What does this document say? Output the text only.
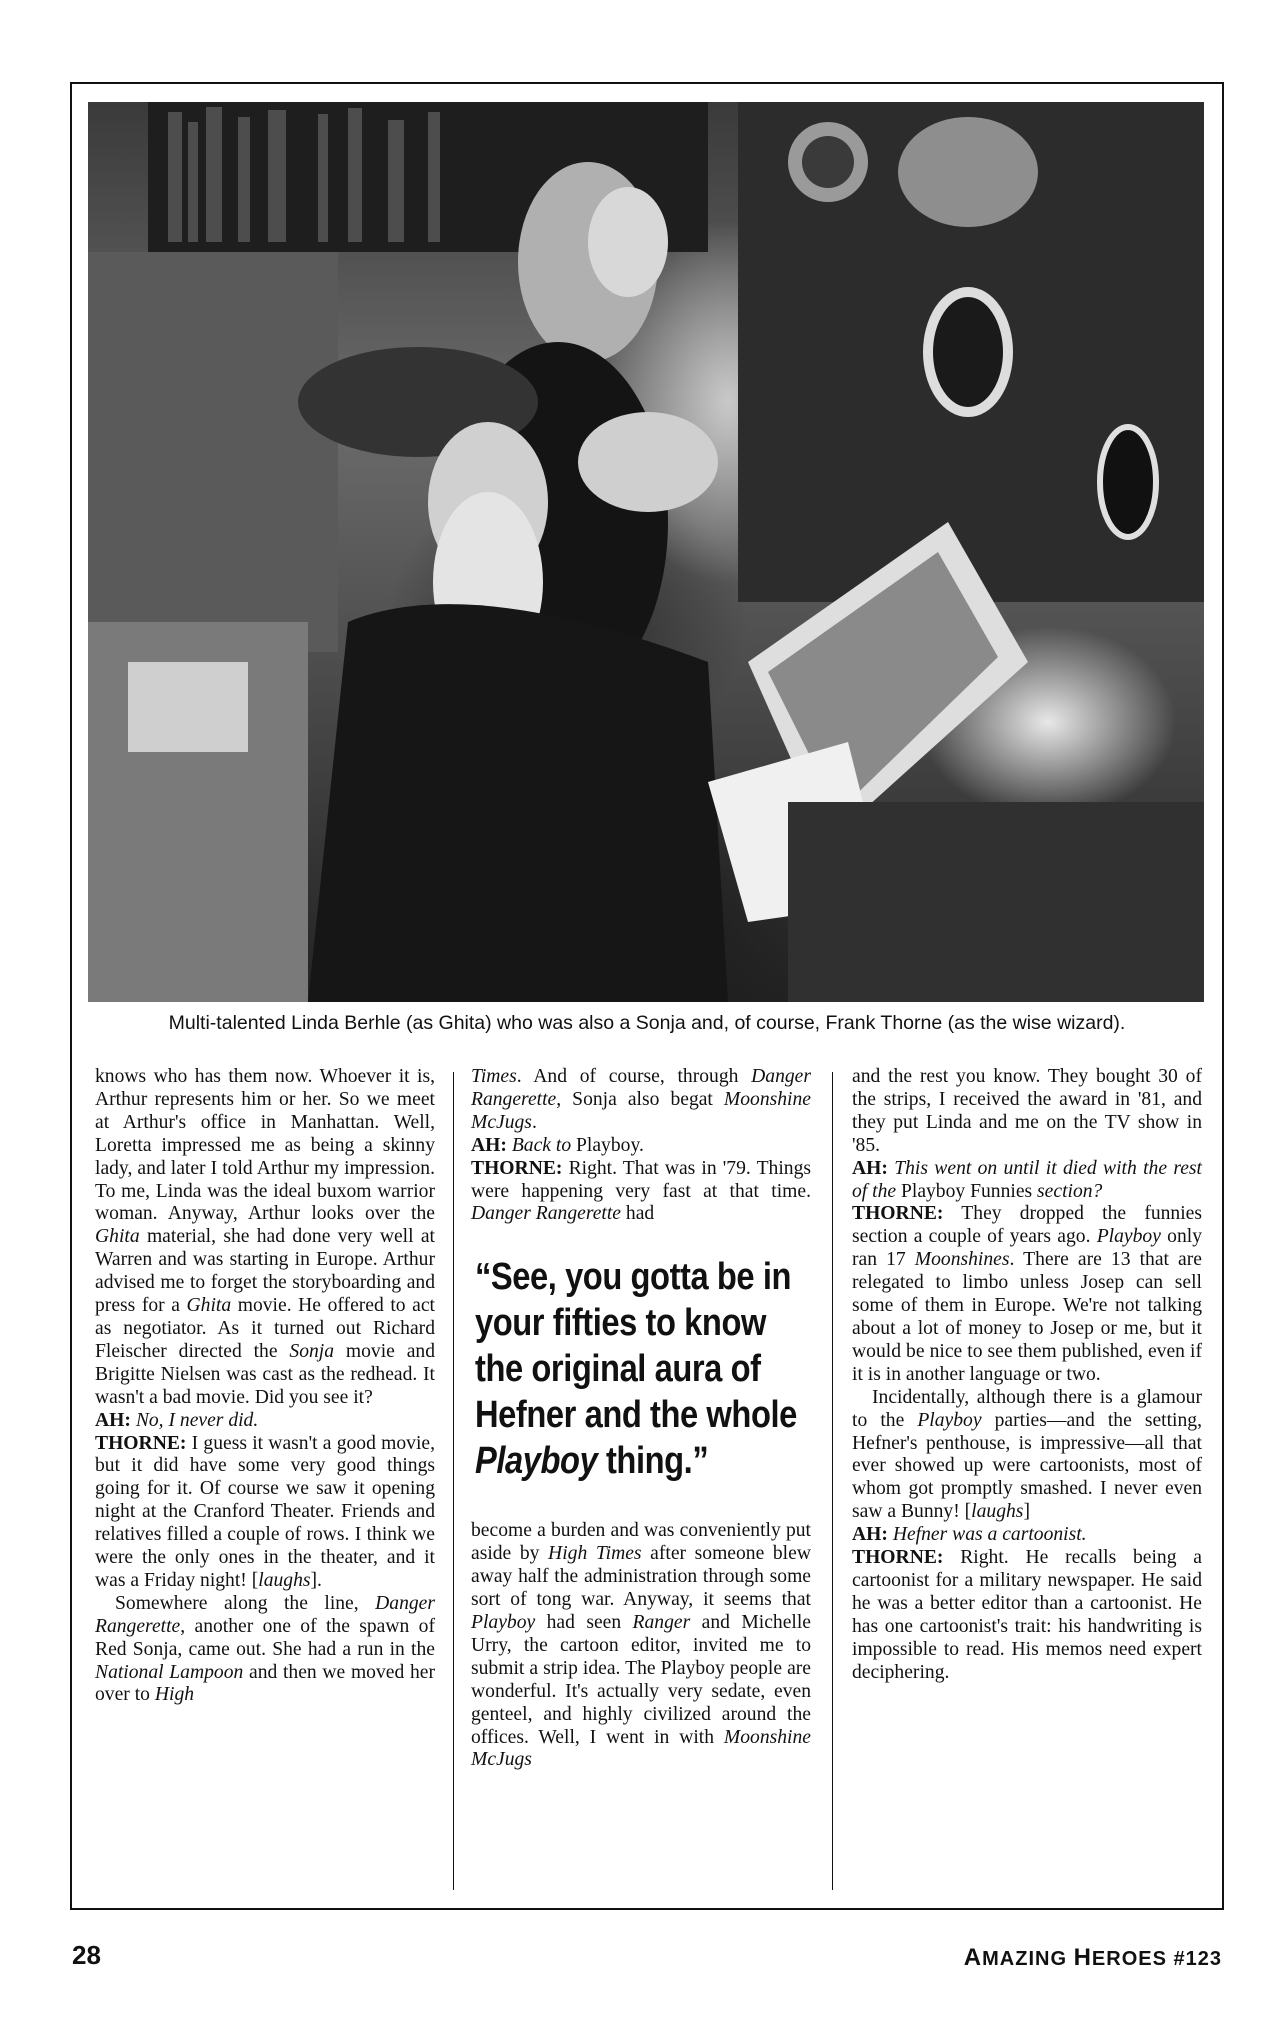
Multi-talented Linda Berhle (as Ghita) who was also a Sonja and, of course, Frank Thorne (as the wise wizard).

knows who has them now. Whoever it is, Arthur represents him or her. So we meet at Arthur's office in Manhattan. Well, Loretta impressed me as being a skinny lady, and later I told Arthur my impression. To me, Linda was the ideal buxom warrior woman. Anyway, Arthur looks over the Ghita material, she had done very well at Warren and was starting in Europe. Arthur advised me to forget the storyboarding and press for a Ghita movie. He offered to act as negotiator. As it turned out Richard Fleischer directed the Sonja movie and Brigitte Nielsen was cast as the redhead. It wasn't a bad movie. Did you see it?

AH: No, I never did.

THORNE: I guess it wasn't a good movie, but it did have some very good things going for it. Of course we saw it opening night at the Cranford Theater. Friends and relatives filled a couple of rows. I think we were the only ones in the theater, and it was a Friday night! [laughs].

Somewhere along the line, Danger Rangerette, another one of the spawn of Red Sonja, came out. She had a run in the National Lampoon and then we moved her over to High

Times. And of course, through Danger Rangerette, Sonja also begat Moonshine McJugs.

AH: Back to Playboy.

THORNE: Right. That was in '79. Things were happening very fast at that time. Danger Rangerette had

“See, you gotta be in your fifties to know the original aura of Hefner and the whole Playboy thing.”

become a burden and was conveniently put aside by High Times after someone blew away half the administration through some sort of tong war. Anyway, it seems that Playboy had seen Ranger and Michelle Urry, the cartoon editor, invited me to submit a strip idea. The Playboy people are wonderful. It's actually very sedate, even genteel, and highly civilized around the offices. Well, I went in with Moonshine McJugs

and the rest you know. They bought 30 of the strips, I received the award in '81, and they put Linda and me on the TV show in '85.

AH: This went on until it died with the rest of the Playboy Funnies section?

THORNE: They dropped the funnies section a couple of years ago. Playboy only ran 17 Moonshines. There are 13 that are relegated to limbo unless Josep can sell some of them in Europe. We're not talking about a lot of money to Josep or me, but it would be nice to see them published, even if it is in another language or two.

Incidentally, although there is a glamour to the Playboy parties—and the setting, Hefner's penthouse, is impressive—all that ever showed up were cartoonists, most of whom got promptly smashed. I never even saw a Bunny! [laughs]

AH: Hefner was a cartoonist.

THORNE: Right. He recalls being a cartoonist for a military newspaper. He said he was a better editor than a cartoonist. He has one cartoonist's trait: his handwriting is impossible to read. His memos need expert deciphering.

28	AMAZING HEROES #123
